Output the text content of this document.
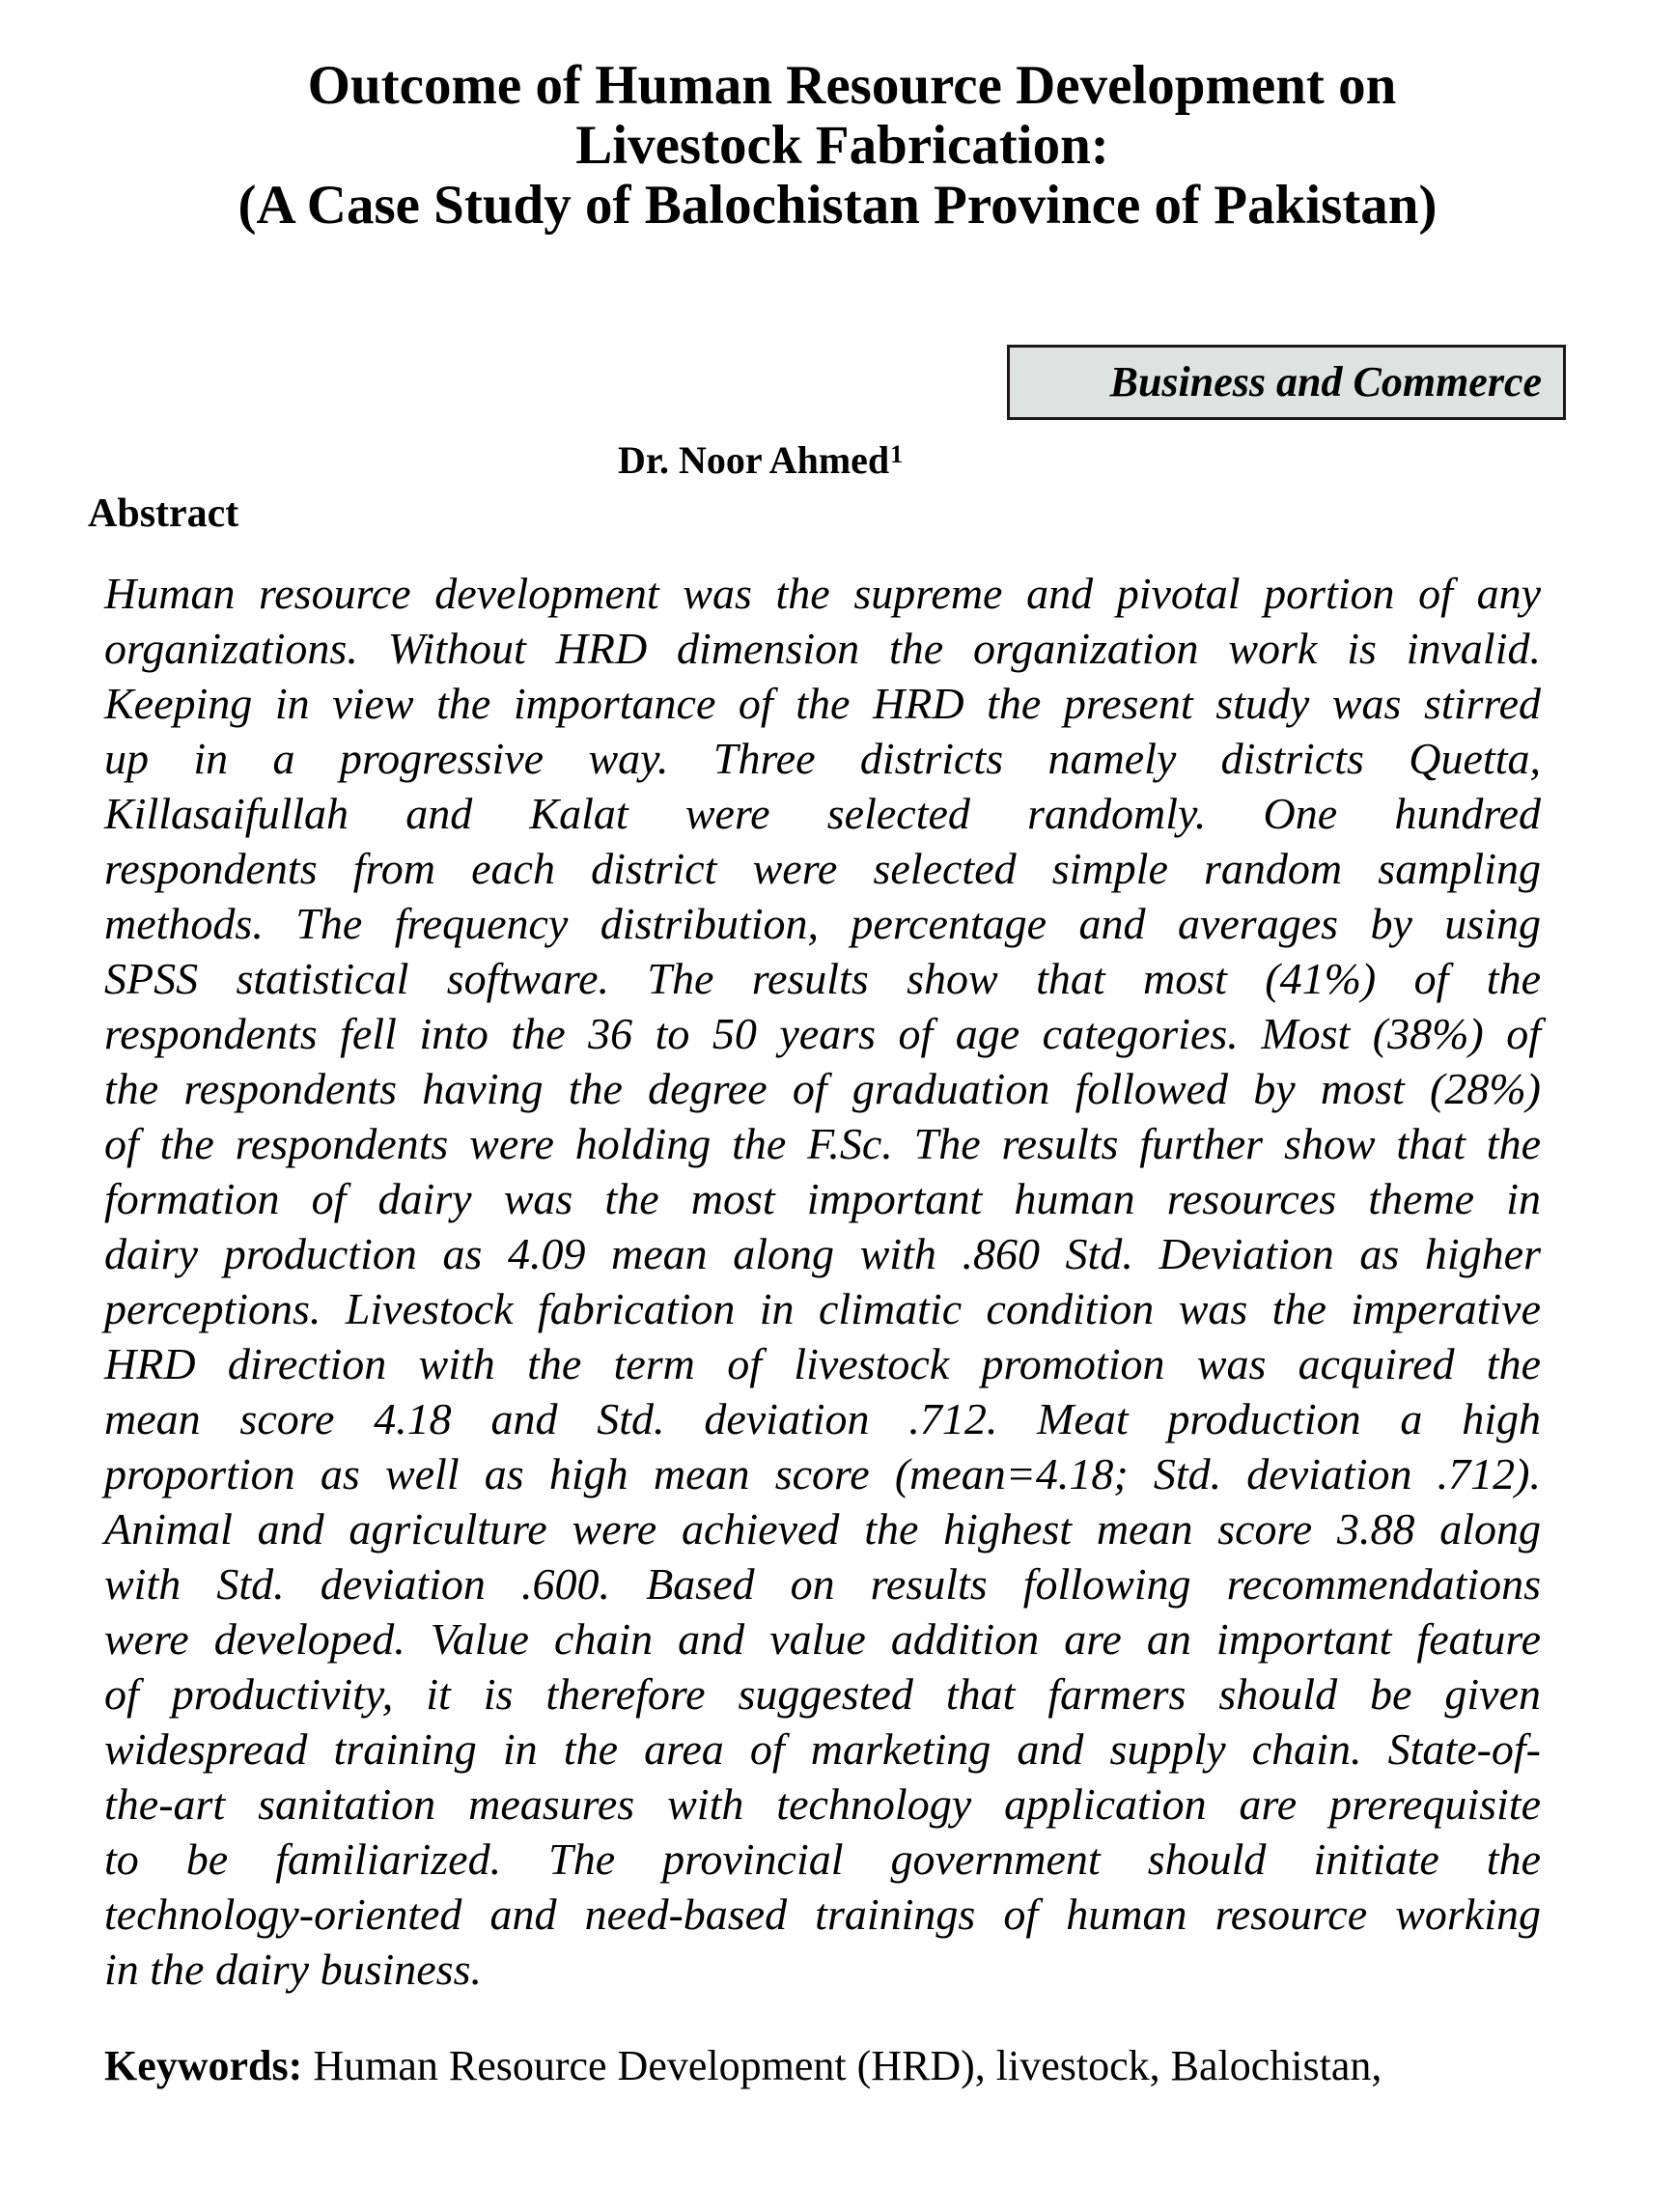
Outcome of Human Resource Development on
Livestock Fabrication:
(A Case Study of Balochistan Province of Pakistan)
Business and Commerce
Dr. Noor Ahmed$^1$
Abstract
Human resource development was the supreme and pivotal portion of any
organizations. Without HRD dimension the organization work is invalid.
Keeping in view the importance of the HRD the present study was stirred
up in a progressive way. Three districts namely districts Quetta,
Killasaifullah and Kalat were selected randomly. One hundred
respondents from each district were selected simple random sampling
methods. The frequency distribution, percentage and averages by using
SPSS statistical software. The results show that most (41%) of the
respondents fell into the 36 to 50 years of age categories. Most (38%) of
the respondents having the degree of graduation followed by most (28%)
of the respondents were holding the F.Sc. The results further show that the
formation of dairy was the most important human resources theme in
dairy production as 4.09 mean along with .860 Std. Deviation as higher
perceptions. Livestock fabrication in climatic condition was the imperative
HRD direction with the term of livestock promotion was acquired the
mean score 4.18 and Std. deviation .712. Meat production a high
proportion as well as high mean score (mean=4.18; Std. deviation .712).
Animal and agriculture were achieved the highest mean score 3.88 along
with Std. deviation .600. Based on results following recommendations
were developed. Value chain and value addition are an important feature
of productivity, it is therefore suggested that farmers should be given
widespread training in the area of marketing and supply chain. State-of-
the-art sanitation measures with technology application are prerequisite
to be familiarized. The provincial government should initiate the
technology-oriented and need-based trainings of human resource working
in the dairy business.
Keywords: Human Resource Development (HRD), livestock, Balochistan,
